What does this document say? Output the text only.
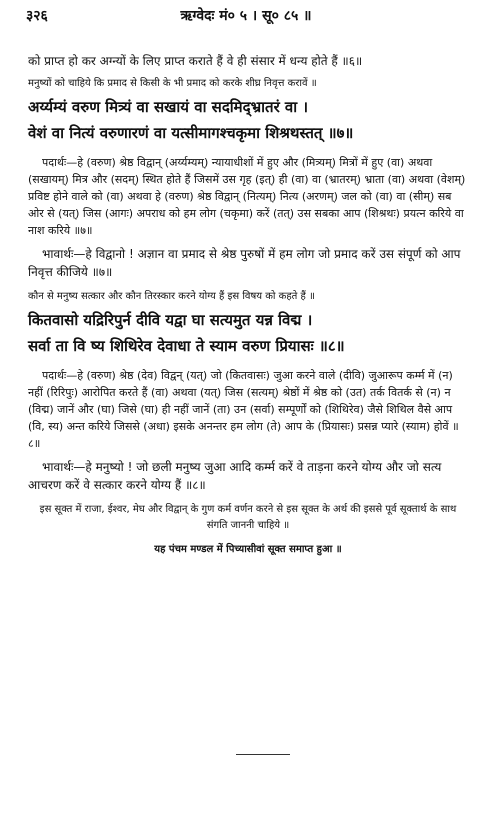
३२६	ऋग्वेदः मं० ५ । सू० ८५ ॥

को प्राप्त हो कर अग्न्यों के लिए प्राप्त कराते हैं वे ही संसार में धन्य होते हैं ॥६॥

मनुष्यों को चाहिये कि प्रमाद से किसी के भी प्रमाद को करके शीघ्र निवृत्त करावें ॥

अर्य्यम्यं वरुण मित्र्यं वा सखायं वा सदमिद्भ्रातरं वा ।

वेशं वा नित्यं वरुणारणं वा यत्सीमागश्चकृमा शिश्रथस्तत् ॥७॥

पदार्थः—हे (वरुण) श्रेष्ठ विद्वान् (अर्य्यम्यम्) न्यायाधीशों में हुए और (मित्र्यम्) मित्रों में हुए (वा) अथवा (सखायम्) मित्र और (सदम्) स्थित होते हैं जिसमें उस गृह (इत्) ही (वा) वा (भ्रातरम्) भ्राता (वा) अथवा (वेशम्) प्रविष्ट होने वाले को (वा) अथवा हे (वरुण) श्रेष्ठ विद्वान् (नित्यम्) नित्य (अरणम्) जल को (वा) वा (सीम्) सब ओर से (यत्) जिस (आगः) अपराध को हम लोग (चकृमा) करें (तत्) उस सबका आप (शिश्रथः) प्रयत्न करिये वा नाश करिये ॥७॥

भावार्थः—हे विद्वानो ! अज्ञान वा प्रमाद से श्रेष्ठ पुरुषों में हम लोग जो प्रमाद करें उस संपूर्ण को आप निवृत्त कीजिये ॥७॥

कौन से मनुष्य सत्कार और कौन तिरस्कार करने योग्य हैं इस विषय को कहते हैं ॥

कितवासो यद्रिरिपुर्न दीवि यद्वा घा सत्यमुत यन्न विद्म ।

सर्वा ता वि ष्य शिथिरेव देवाधा ते स्याम वरुण प्रियासः ॥८॥

पदार्थः—हे (वरुण) श्रेष्ठ (देव) विद्वन् (यत्) जो (कितवासः) जुआ करने वाले (दीवि) जुआरूप कर्म्म में (न) नहीं (रिरिपुः) आरोपित करते हैं (वा) अथवा (यत्) जिस (सत्यम्) श्रेष्ठों में श्रेष्ठ को (उत) तर्क वितर्क से (न) न (विद्म) जानें और (घा) जिसे (घा) ही नहीं जानें (ता) उन (सर्वा) सम्पूर्णों को (शिथिरेव) जैसे शिथिल वैसे आप (वि, स्य) अन्त करिये जिससे (अधा) इसके अनन्तर हम लोग (ते) आप के (प्रियासः) प्रसन्न प्यारे (स्याम) होवें ॥८॥

भावार्थः—हे मनुष्यो ! जो छली मनुष्य जुआ आदि कर्म्म करें वे ताड़ना करने योग्य और जो सत्य आचरण करें वे सत्कार करने योग्य हैं ॥८॥

इस सूक्त में राजा, ईश्वर, मेघ और विद्वान् के गुण कर्म वर्णन करने से इस सूक्त के अर्थ की इससे पूर्व सूक्तार्थ के साथ संगति जाननी चाहिये ॥

यह पंचम मण्डल में पिच्यासीवां सूक्त समाप्त हुआ ॥
